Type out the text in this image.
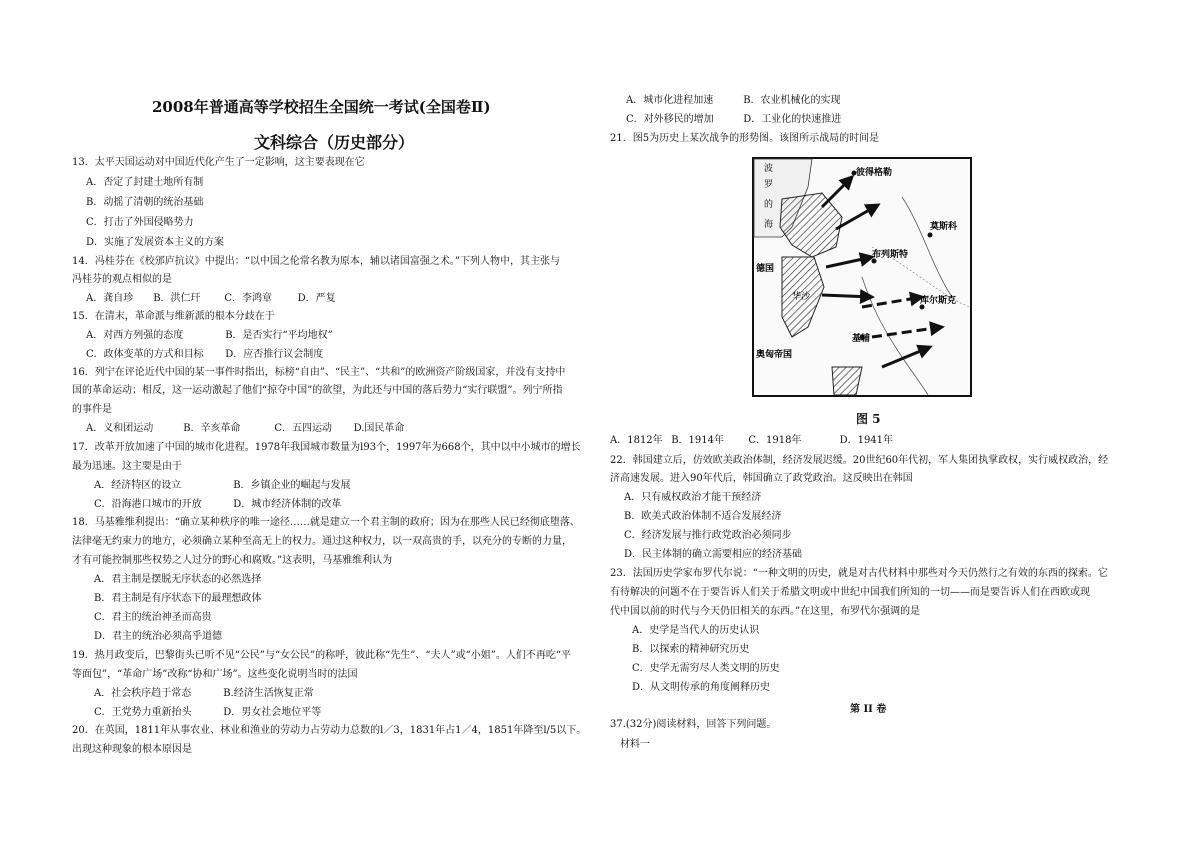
2008年普通高等学校招生全国统一考试(全国卷Ⅱ)
文科综合（历史部分）
13．太平天国运动对中国近代化产生了一定影响，这主要表现在它
A．否定了封建土地所有制
B．动摇了清朝的统治基础
C．打击了外国侵略势力
D．实施了发展资本主义的方案
14．冯桂芬在《校邠庐抗议》中提出：“以中国之伦常名教为原本，辅以诸国富强之术。”下列人物中，其主张与
冯桂芬的观点相似的是
A．龚自珍 B．洪仁玕 C．李鸿章	D．严复
15．在清末，革命派与维新派的根本分歧在于
A．对西方列强的态度	B．是否实行“平均地权”
C．政体变革的方式和目标 D．应否推行议会制度
16．列宁在评论近代中国的某一事件时指出，标榜“自由”、“民主”、“共和”的欧洲资产阶级国家，并没有支持中
国的革命运动；相反，这一运动激起了他们“掠夺中国”的欲望，为此还与中国的落后势力“实行联盟”。列宁所指
的事件是
A．义和团运动	B．辛亥革命	C．五四运动 D.国民革命
17．改革开放加速了中国的城市化进程。1978年我国城市数量为l93个，1997年为668个，其中以中小城市的增长
最为迅速。这主要是由于
A．经济特区的设立	B．乡镇企业的崛起与发展
C．沿海港口城市的开放	D．城市经济体制的改革
18．马基雅维利提出：“确立某种秩序的唯一途径……就是建立一个君主制的政府；因为在那些人民已经彻底堕落、
法律毫无约束力的地方，必须确立某种至高无上的权力。通过这种权力，以一双高贵的手，以充分的专断的力量，
才有可能控制那些权势之人过分的野心和腐败。”这表明，马基雅维利认为
A．君主制是摆脱无序状态的必然选择
B．君主制是有序状态下的最理想政体
C．君主的统治神圣而高贵
D．君主的统治必须高乎道德
19．热月政变后，巴黎街头已听不见“公民”与“女公民”的称呼，彼此称“先生”、“夫人”或“小姐”。人们不再吃“平
等面包”，“革命广场”改称“协和广场”。这些变化说明当时的法国
A．社会秩序趋于常态	B.经济生活恢复正常
C．王党势力重新抬头	D．男女社会地位平等
20．在英国，1811年从事农业、林业和渔业的劳动力占劳动力总数的l／3，1831年占1／4，1851年降至l/5以下。
出现这种现象的根本原因是
A．城市化进程加速	B．农业机械化的实现
C．对外移民的增加	D．工业化的快速推进
21．图5为历史上某次战争的形势图。该图所示战局的时间是
波
罗
的
海
彼得格勒
莫斯科
德国
布列斯特
库尔斯克
基辅
华沙
奥匈帝国
图 5
A．1812年 B．1914年 C．1918年	D．1941年
22．韩国建立后，仿效欧美政治体制，经济发展迟缓。20世纪60年代初，军人集团执掌政权，实行威权政治，经
济高速发展。进入90年代后，韩国确立了政党政治。这反映出在韩国
A．只有威权政治才能干预经济
B．欧美式政治体制不适合发展经济
C．经济发展与推行政党政治必须同步
D．民主体制的确立需要相应的经济基础
23．法国历史学家布罗代尔说：“一种文明的历史，就是对古代材料中那些对今天仍然行之有效的东西的探索。它
有待解决的问题不在于要告诉人们关于希腊文明或中世纪中国我们所知的一切——而是要告诉人们在西欧或现
代中国以前的时代与今天仍旧相关的东西。”在这里，布罗代尔强调的是
A．史学是当代人的历史认识
B．以探索的精神研究历史
C．史学无需穷尽人类文明的历史
D．从文明传承的角度阐释历史
第 II 卷
37.(32分)阅读材料，回答下列问题。
材料一
